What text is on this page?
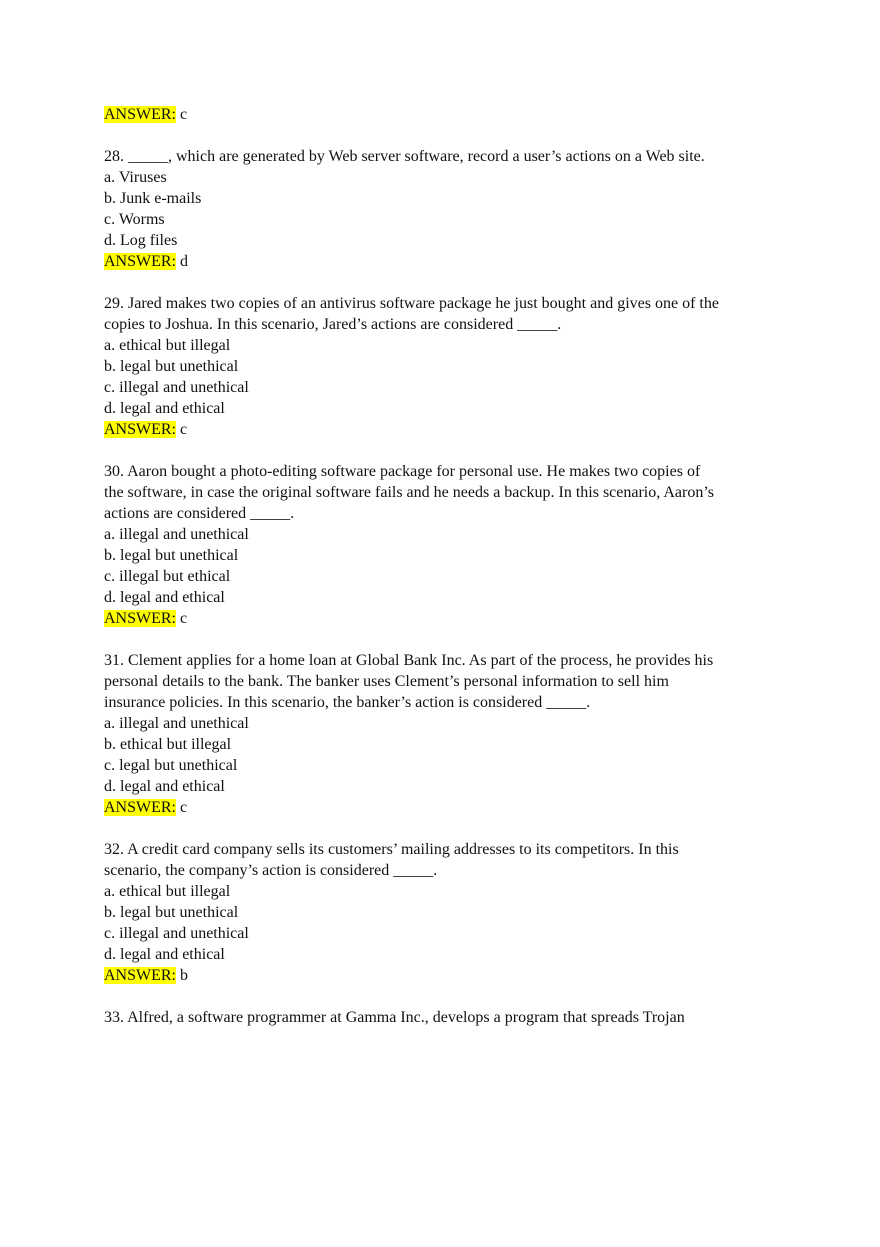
ANSWER: c
28. _____, which are generated by Web server software, record a user’s actions on a Web site.
a. Viruses
b. Junk e-mails
c. Worms
d. Log files
ANSWER: d
29. Jared makes two copies of an antivirus software package he just bought and gives one of the
copies to Joshua. In this scenario, Jared’s actions are considered _____.
a. ethical but illegal
b. legal but unethical
c. illegal and unethical
d. legal and ethical
ANSWER: c
30. Aaron bought a photo-editing software package for personal use. He makes two copies of
the software, in case the original software fails and he needs a backup. In this scenario, Aaron’s
actions are considered _____.
a. illegal and unethical
b. legal but unethical
c. illegal but ethical
d. legal and ethical
ANSWER: c
31. Clement applies for a home loan at Global Bank Inc. As part of the process, he provides his
personal details to the bank. The banker uses Clement’s personal information to sell him
insurance policies. In this scenario, the banker’s action is considered _____.
a. illegal and unethical
b. ethical but illegal
c. legal but unethical
d. legal and ethical
ANSWER: c
32. A credit card company sells its customers’ mailing addresses to its competitors. In this
scenario, the company’s action is considered _____.
a. ethical but illegal
b. legal but unethical
c. illegal and unethical
d. legal and ethical
ANSWER: b
33. Alfred, a software programmer at Gamma Inc., develops a program that spreads Trojan
